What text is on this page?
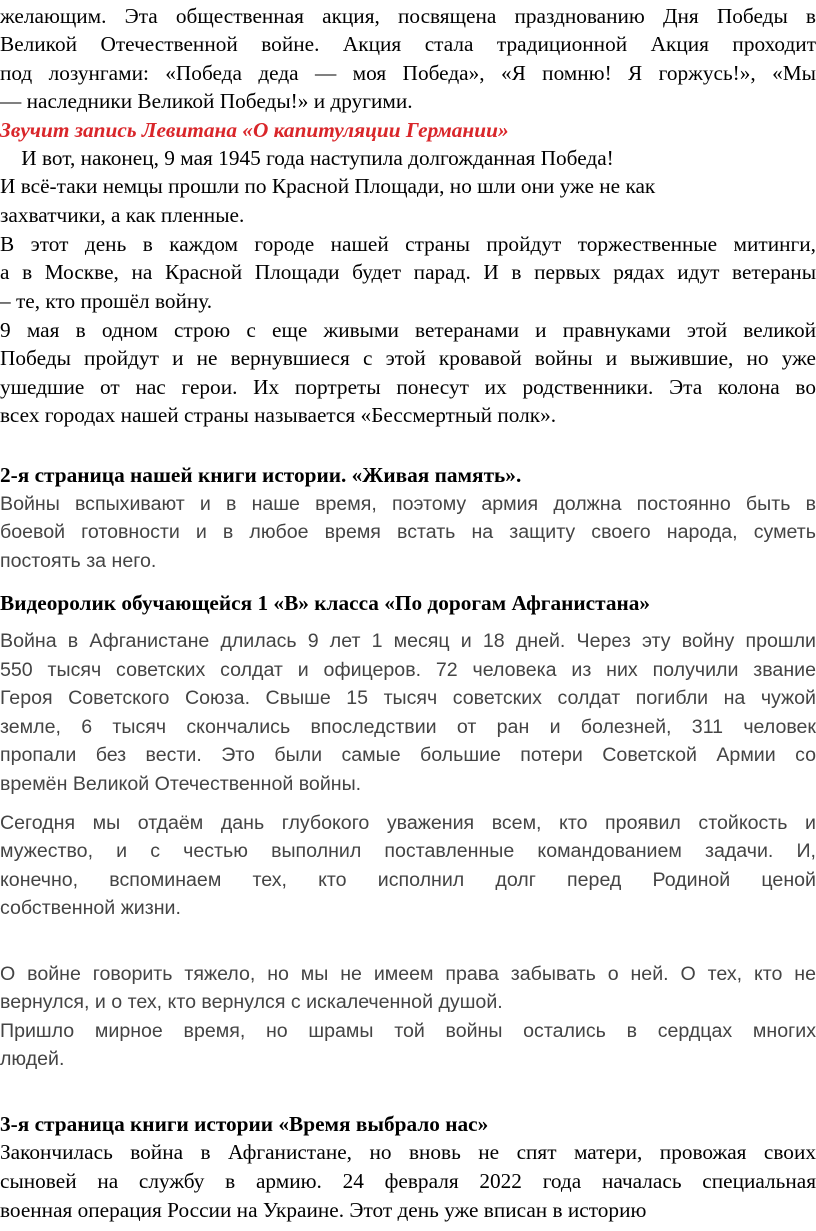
желающим. Эта общественная акция, посвящена празднованию Дня Победы в

Великой Отечественной войне. Акция стала традиционной Акция проходит

под лозунгами: «Победа деда — моя Победа», «Я помню! Я горжусь!», «Мы

— наследники Великой Победы!» и другими.

Звучит запись Левитана «О капитуляции Германии»

И вот, наконец, 9 мая 1945 года наступила долгожданная Победа!

И всё-таки немцы прошли по Красной Площади, но шли они уже не как

захватчики, а как пленные.

В этот день в каждом городе нашей страны пройдут торжественные митинги,

а в Москве, на Красной Площади будет парад. И в первых рядах идут ветераны

– те, кто прошёл войну.

9 мая в одном строю с еще живыми ветеранами и правнуками этой великой

Победы пройдут и не вернувшиеся с этой кровавой войны и выжившие, но уже

ушедшие от нас герои. Их портреты понесут их родственники. Эта колона во

всех городах нашей страны называется «Бессмертный полк».

2-я страница нашей книги истории. «Живая память».

Войны вспыхивают и в наше время, поэтому армия должна постоянно быть в

боевой готовности и в любое время встать на защиту своего народа, суметь

постоять за него.

Видеоролик обучающейся 1 «В» класса «По дорогам Афганистана»

Война в Афганистане длилась 9 лет 1 месяц и 18 дней. Через эту войну прошли

550 тысяч советских солдат и офицеров. 72 человека из них получили звание

Героя Советского Союза. Свыше 15 тысяч советских солдат погибли на чужой

земле, 6 тысяч скончались впоследствии от ран и болезней, 311 человек

пропали без вести. Это были самые большие потери Советской Армии со

времён Великой Отечественной войны.

Сегодня мы отдаём дань глубокого уважения всем, кто проявил стойкость и

мужество, и с честью выполнил поставленные командованием задачи. И,

конечно, вспоминаем тех, кто исполнил долг перед Родиной ценой

собственной жизни.

О войне говорить тяжело, но мы не имеем права забывать о ней. О тех, кто не

вернулся, и о тех, кто вернулся с искалеченной душой.

Пришло мирное время, но шрамы той войны остались в сердцах многих

людей.

3-я страница книги истории «Время выбрало нас»

Закончилась война в Афганистане, но вновь не спят матери, провожая своих

сыновей на службу в армию. 24 февраля 2022 года началась специальная

военная операция России на Украине. Этот день уже вписан в историю
